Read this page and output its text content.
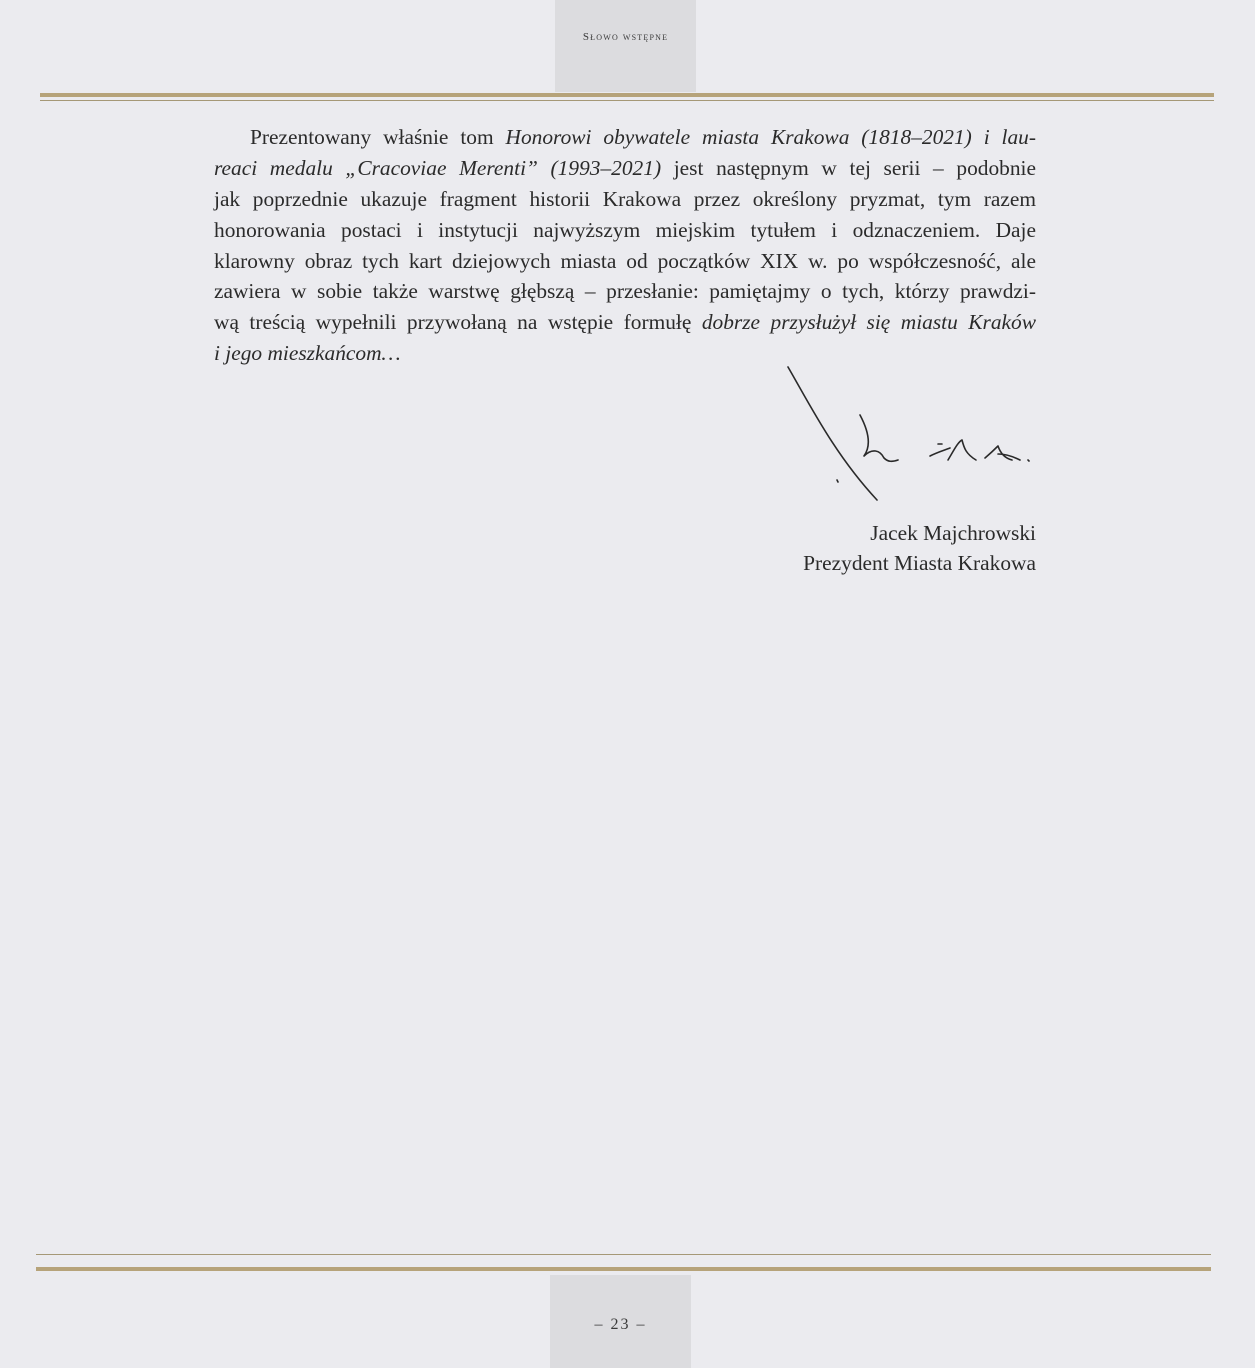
Słowo wstępne
Prezentowany właśnie tom Honorowi obywatele miasta Krakowa (1818–2021) i lau-
reaci medalu „Cracoviae Merenti” (1993–2021) jest następnym w tej serii – podobnie
jak poprzednie ukazuje fragment historii Krakowa przez określony pryzmat, tym razem
honorowania postaci i instytucji najwyższym miejskim tytułem i odznaczeniem. Daje
klarowny obraz tych kart dziejowych miasta od początków XIX w. po współczesność, ale
zawiera w sobie także warstwę głębszą – przesłanie: pamiętajmy o tych, którzy prawdzi-
wą treścią wypełnili przywołaną na wstępie formułę dobrze przysłużył się miastu Kraków
i jego mieszkańcom…
Jacek Majchrowski
Prezydent Miasta Krakowa
– 23 –
